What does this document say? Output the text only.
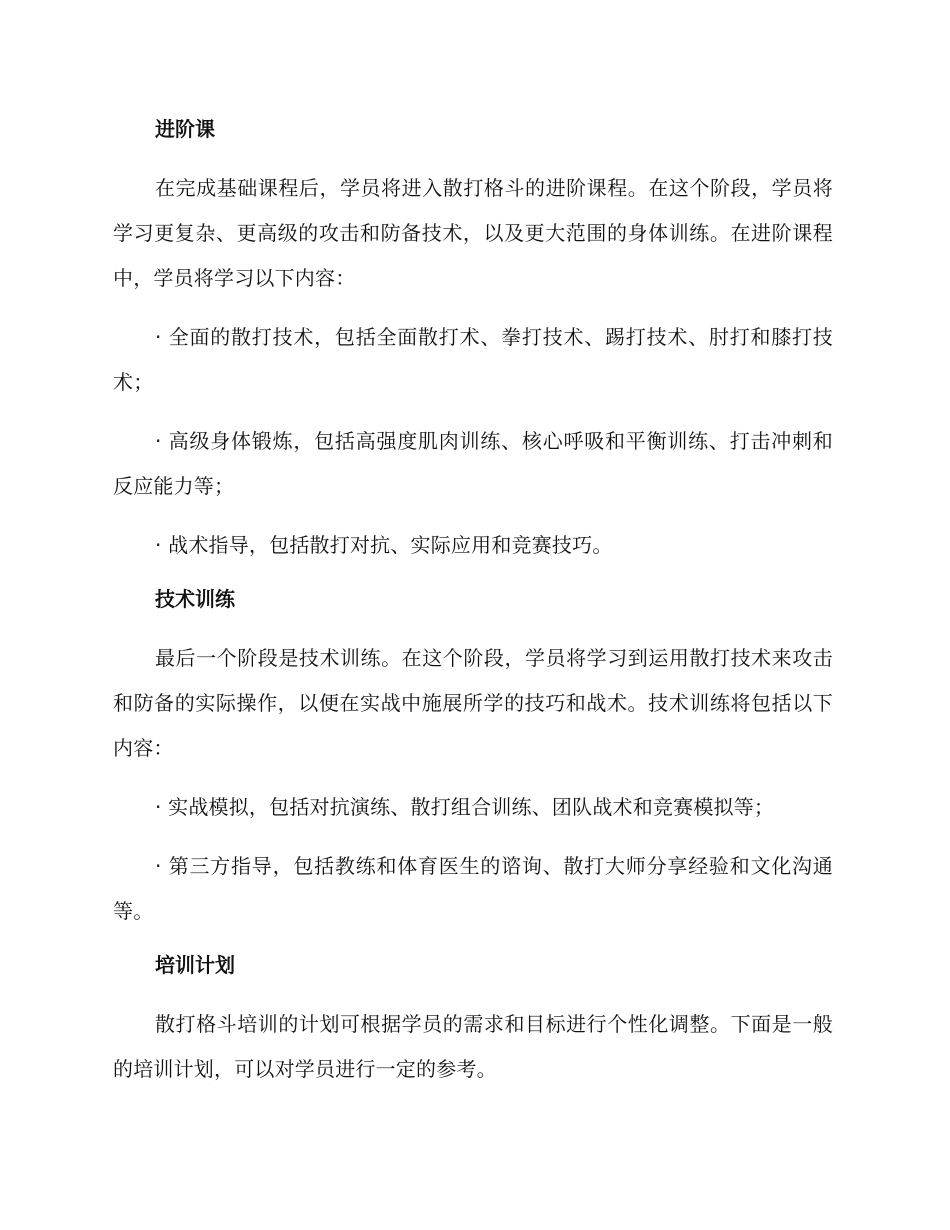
进阶课

在完成基础课程后，学员将进入散打格斗的进阶课程。在这个阶段，学员将学习更复杂、更高级的攻击和防备技术，以及更大范围的身体训练。在进阶课程中，学员将学习以下内容：

· 全面的散打技术，包括全面散打术、拳打技术、踢打技术、肘打和膝打技术；

· 高级身体锻炼，包括高强度肌肉训练、核心呼吸和平衡训练、打击冲刺和反应能力等；

· 战术指导，包括散打对抗、实际应用和竞赛技巧。

技术训练

最后一个阶段是技术训练。在这个阶段，学员将学习到运用散打技术来攻击和防备的实际操作，以便在实战中施展所学的技巧和战术。技术训练将包括以下内容：

· 实战模拟，包括对抗演练、散打组合训练、团队战术和竞赛模拟等；

· 第三方指导，包括教练和体育医生的谘询、散打大师分享经验和文化沟通等。

培训计划

散打格斗培训的计划可根据学员的需求和目标进行个性化调整。下面是一般的培训计划，可以对学员进行一定的参考。
